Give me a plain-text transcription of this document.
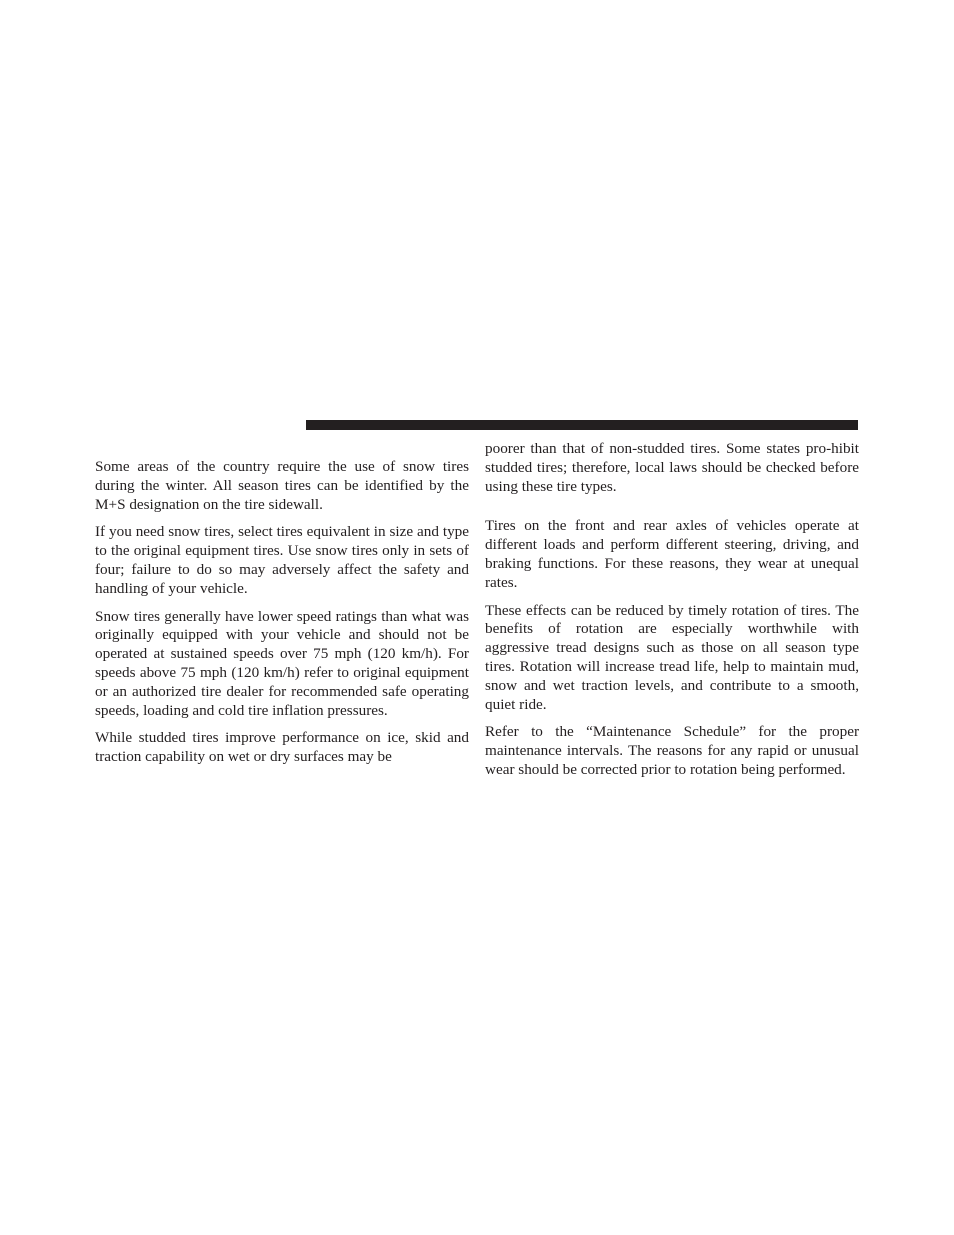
Some areas of the country require the use of snow tires during the winter. All season tires can be identified by the M+S designation on the tire sidewall.

If you need snow tires, select tires equivalent in size and type to the original equipment tires. Use snow tires only in sets of four; failure to do so may adversely affect the safety and handling of your vehicle.

Snow tires generally have lower speed ratings than what was originally equipped with your vehicle and should not be operated at sustained speeds over 75 mph (120 km/h). For speeds above 75 mph (120 km/h) refer to original equipment or an authorized tire dealer for recommended safe operating speeds, loading and cold tire inflation pressures.

While studded tires improve performance on ice, skid and traction capability on wet or dry surfaces may be

poorer than that of non-studded tires. Some states pro-hibit studded tires; therefore, local laws should be checked before using these tire types.

Tires on the front and rear axles of vehicles operate at different loads and perform different steering, driving, and braking functions. For these reasons, they wear at unequal rates.

These effects can be reduced by timely rotation of tires. The benefits of rotation are especially worthwhile with aggressive tread designs such as those on all season type tires. Rotation will increase tread life, help to maintain mud, snow and wet traction levels, and contribute to a smooth, quiet ride.

Refer to the “Maintenance Schedule” for the proper maintenance intervals. The reasons for any rapid or unusual wear should be corrected prior to rotation being performed.
